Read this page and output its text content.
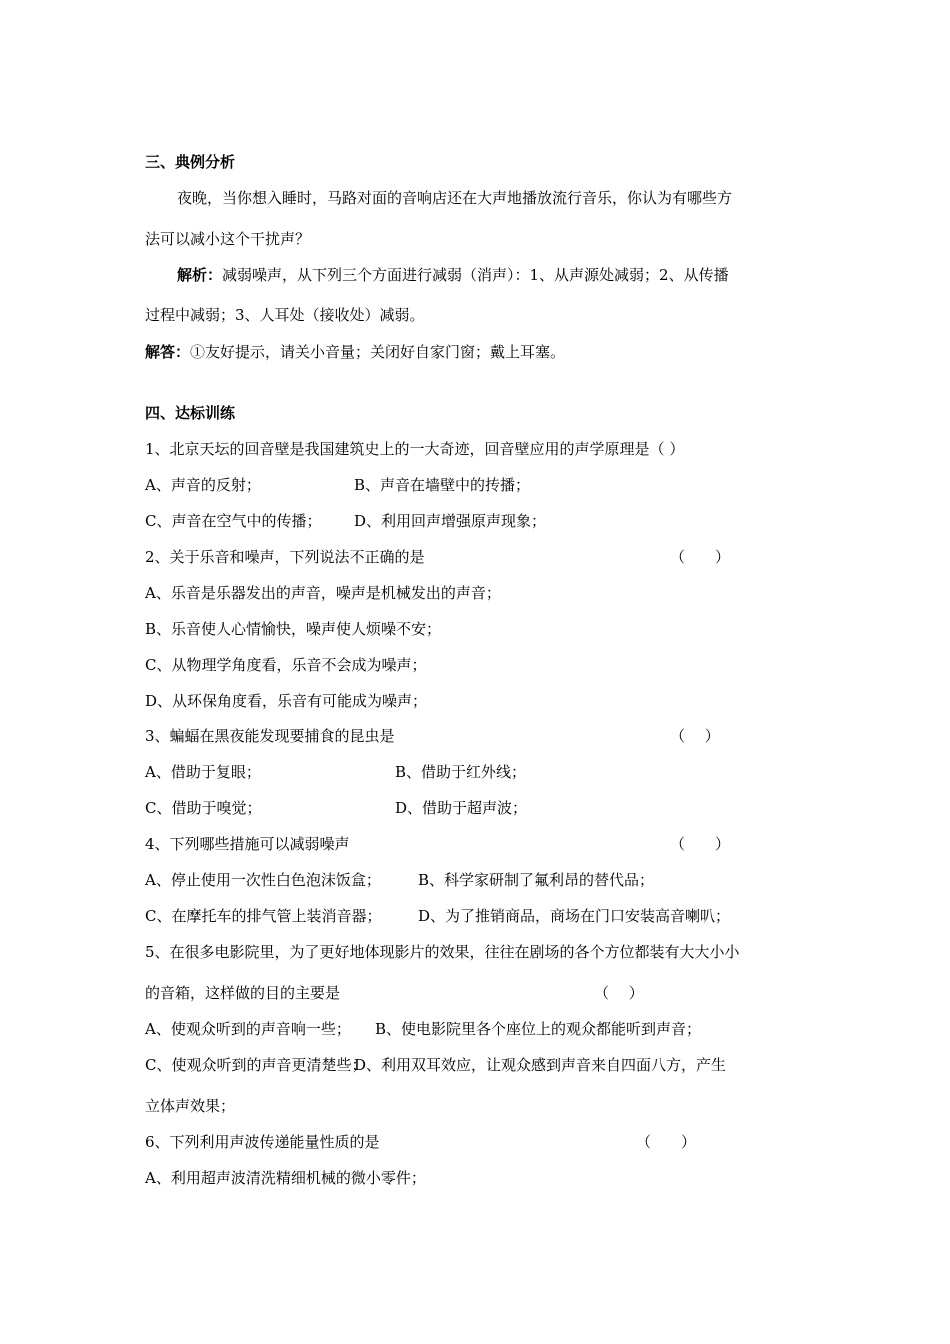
三、典例分析
夜晚，当你想入睡时，马路对面的音响店还在大声地播放流行音乐，你认为有哪些方
法可以减小这个干扰声？
解析：减弱噪声，从下列三个方面进行减弱（消声）：1、从声源处减弱；2、从传播
过程中减弱；3、人耳处（接收处）减弱。
解答：①友好提示，请关小音量；关闭好自家门窗；戴上耳塞。
四、达标训练
1、北京天坛的回音壁是我国建筑史上的一大奇迹，回音壁应用的声学原理是（ ）
A、声音的反射；	B、声音在墙壁中的抟播；
C、声音在空气中的传播； D、利用回声增强原声现象；
2、关于乐音和噪声，下列说法不正确的是	（　　）
A、乐音是乐器发出的声音，噪声是机械发出的声音；
B、乐音使人心情愉快，噪声使人烦噪不安；
C、从物理学角度看，乐音不会成为噪声；
D、从环保角度看，乐音有可能成为噪声；
3、蝙蝠在黑夜能发现要捕食的昆虫是	（　 ）
A、借助于复眼；	B、借助于红外线；
C、借助于嗅觉；	D、借助于超声波；
4、下列哪些措施可以减弱噪声	（　　）
A、停止使用一次性白色泡沫饭盒； B、科学家研制了氟利昂的替代品；
C、在摩托车的排气管上装消音器； D、为了推销商品，商场在门口安装高音喇叭；
5、在很多电影院里，为了更好地体现影片的效果，往往在剧场的各个方位都装有大大小小
的音箱，这样做的目的主要是	（　 ）
A、使观众听到的声音响一些； B、使电影院里各个座位上的观众都能听到声音；
C、使观众听到的声音更清楚些；
D、利用双耳效应，让观众感到声音来自四面八方，产生
立体声效果；
6、下列利用声波传递能量性质的是	（　　）
A、利用超声波清洗精细机械的微小零件；
